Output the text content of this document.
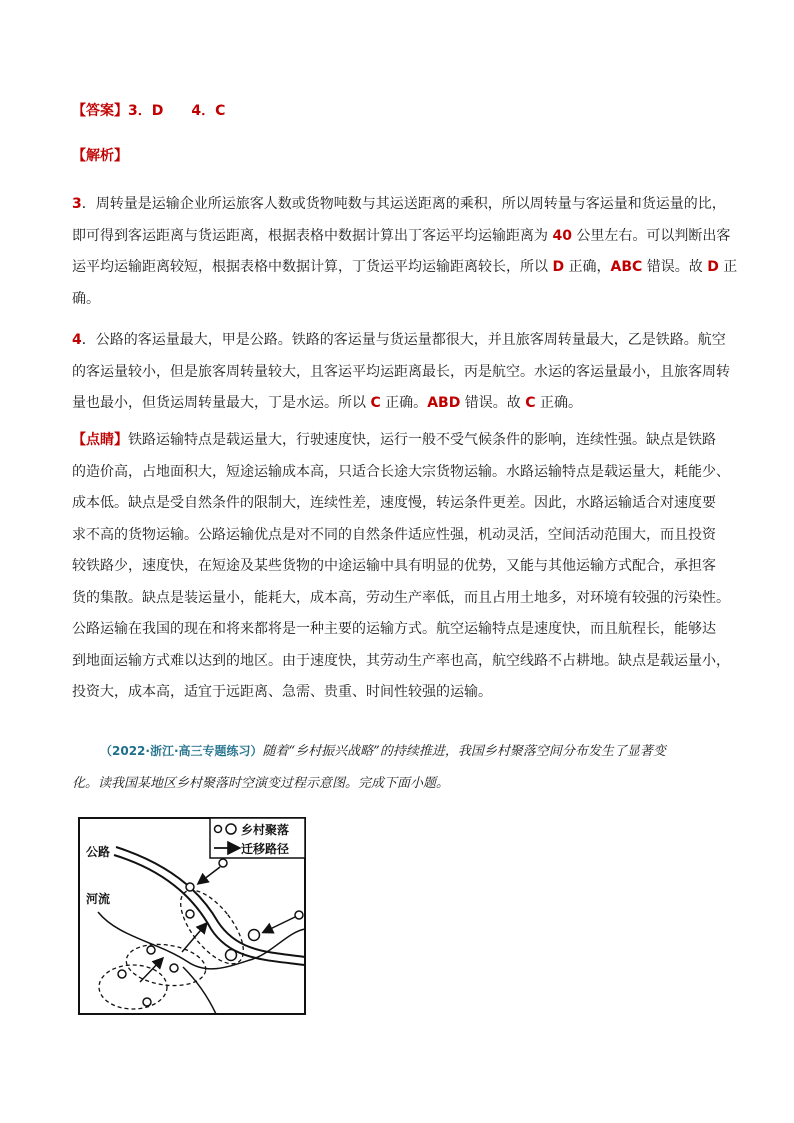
【答案】3．D　　4．C
【解析】
3．周转量是运输企业所运旅客人数或货物吨数与其运送距离的乘积，所以周转量与客运量和货运量的比，
即可得到客运距离与货运距离，根据表格中数据计算出丁客运平均运输距离为 40 公里左右。可以判断出客
运平均运输距离较短，根据表格中数据计算，丁货运平均运输距离较长，所以 D 正确，ABC 错误。故 D 正
确。
4．公路的客运量最大，甲是公路。铁路的客运量与货运量都很大，并且旅客周转量最大，乙是铁路。航空
的客运量较小，但是旅客周转量较大，且客运平均运距离最长，丙是航空。水运的客运量最小，且旅客周转
量也最小，但货运周转量最大，丁是水运。所以 C 正确。ABD 错误。故 C 正确。
【点睛】铁路运输特点是载运量大，行驶速度快，运行一般不受气候条件的影响，连续性强。缺点是铁路
的造价高，占地面积大，短途运输成本高，只适合长途大宗货物运输。水路运输特点是载运量大，耗能少、
成本低。缺点是受自然条件的限制大，连续性差，速度慢，转运条件更差。因此，水路运输适合对速度要
求不高的货物运输。公路运输优点是对不同的自然条件适应性强，机动灵活，空间活动范围大，而且投资
较铁路少，速度快，在短途及某些货物的中途运输中具有明显的优势，又能与其他运输方式配合，承担客
货的集散。缺点是装运量小，能耗大，成本高，劳动生产率低，而且占用土地多，对环境有较强的污染性。
公路运输在我国的现在和将来都将是一种主要的运输方式。航空运输特点是速度快，而且航程长，能够达
到地面运输方式难以达到的地区。由于速度快，其劳动生产率也高，航空线路不占耕地。缺点是载运量小，
投资大，成本高，适宜于远距离、急需、贵重、时间性较强的运输。
（2022·浙江·高三专题练习）随着“乡村振兴战略”的持续推进，我国乡村聚落空间分布发生了显著变
化。读我国某地区乡村聚落时空演变过程示意图。完成下面小题。
乡村聚落
迁移路径
公路
河流
